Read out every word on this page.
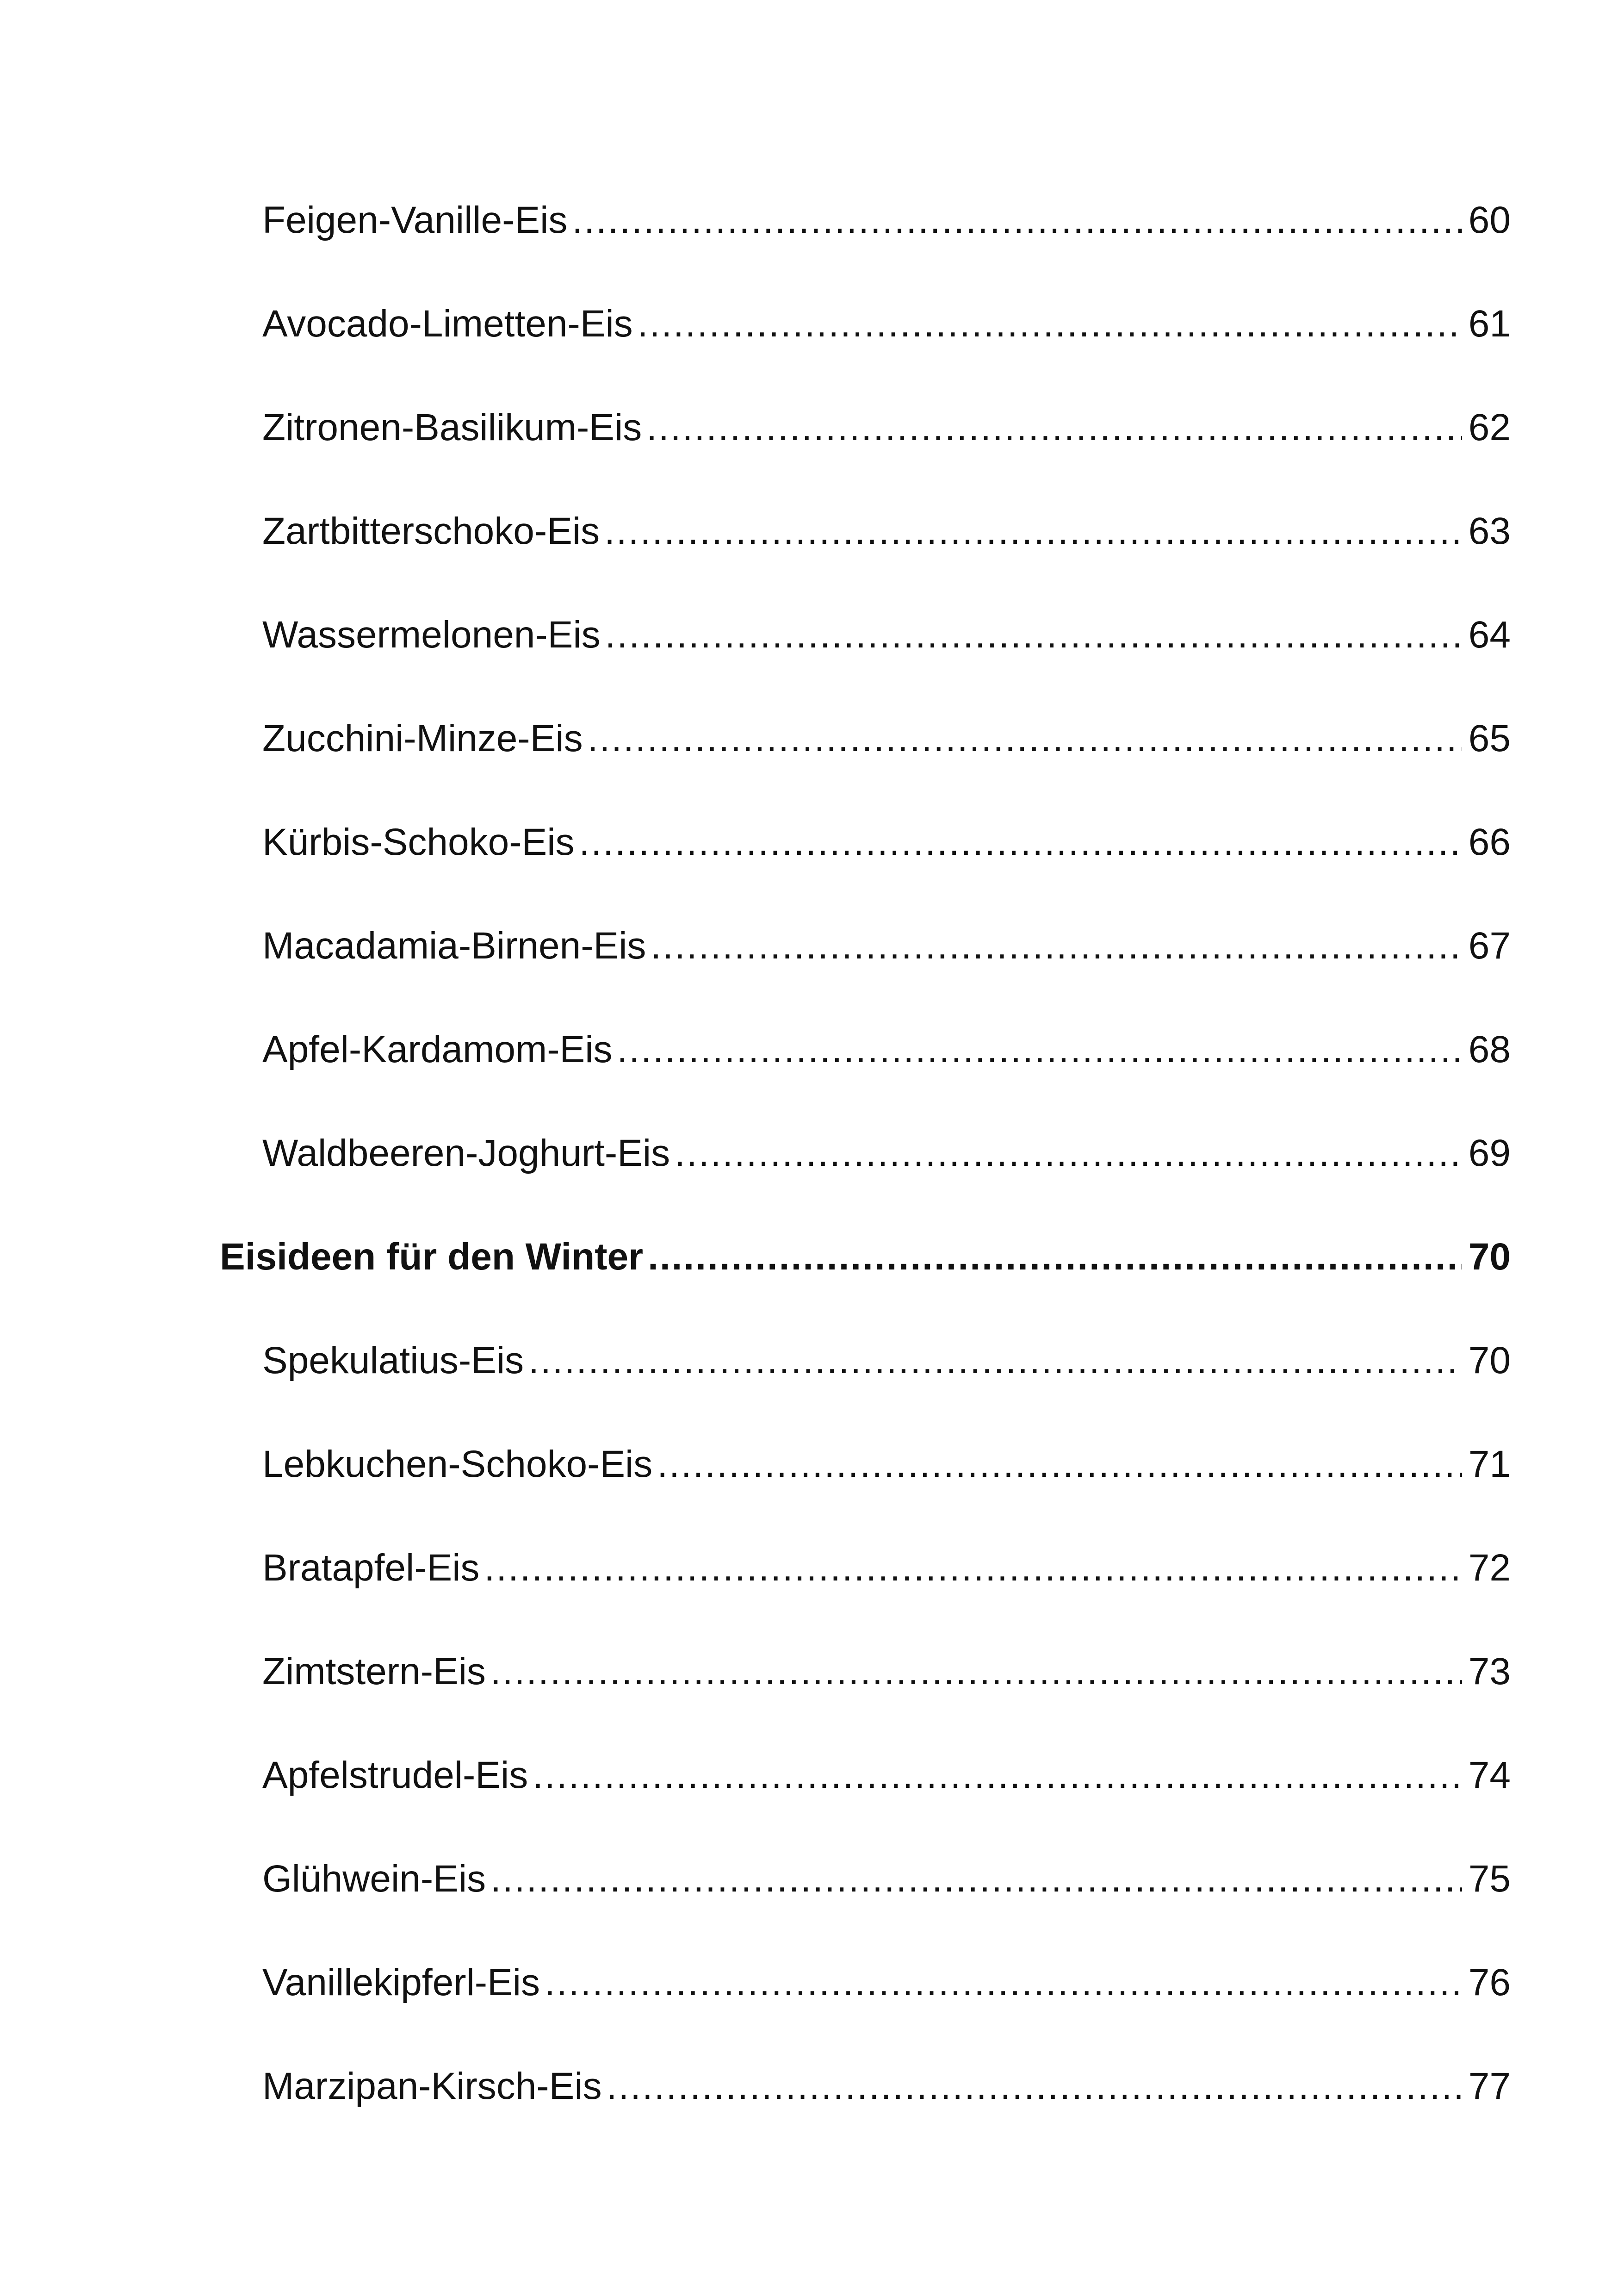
Feigen-Vanille-Eis .....	60
Avocado-Limetten-Eis .....	61
Zitronen-Basilikum-Eis .....	62
Zartbitterschoko-Eis .....	63
Wassermelonen-Eis .....	64
Zucchini-Minze-Eis .....	65
Kürbis-Schoko-Eis .....	66
Macadamia-Birnen-Eis .....	67
Apfel-Kardamom-Eis .....	68
Waldbeeren-Joghurt-Eis .....	69
Eisideen für den Winter .....	70
Spekulatius-Eis .....	70
Lebkuchen-Schoko-Eis .....	71
Bratapfel-Eis .....	72
Zimtstern-Eis .....	73
Apfelstrudel-Eis .....	74
Glühwein-Eis .....	75
Vanillekipferl-Eis .....	76
Marzipan-Kirsch-Eis .....	77
